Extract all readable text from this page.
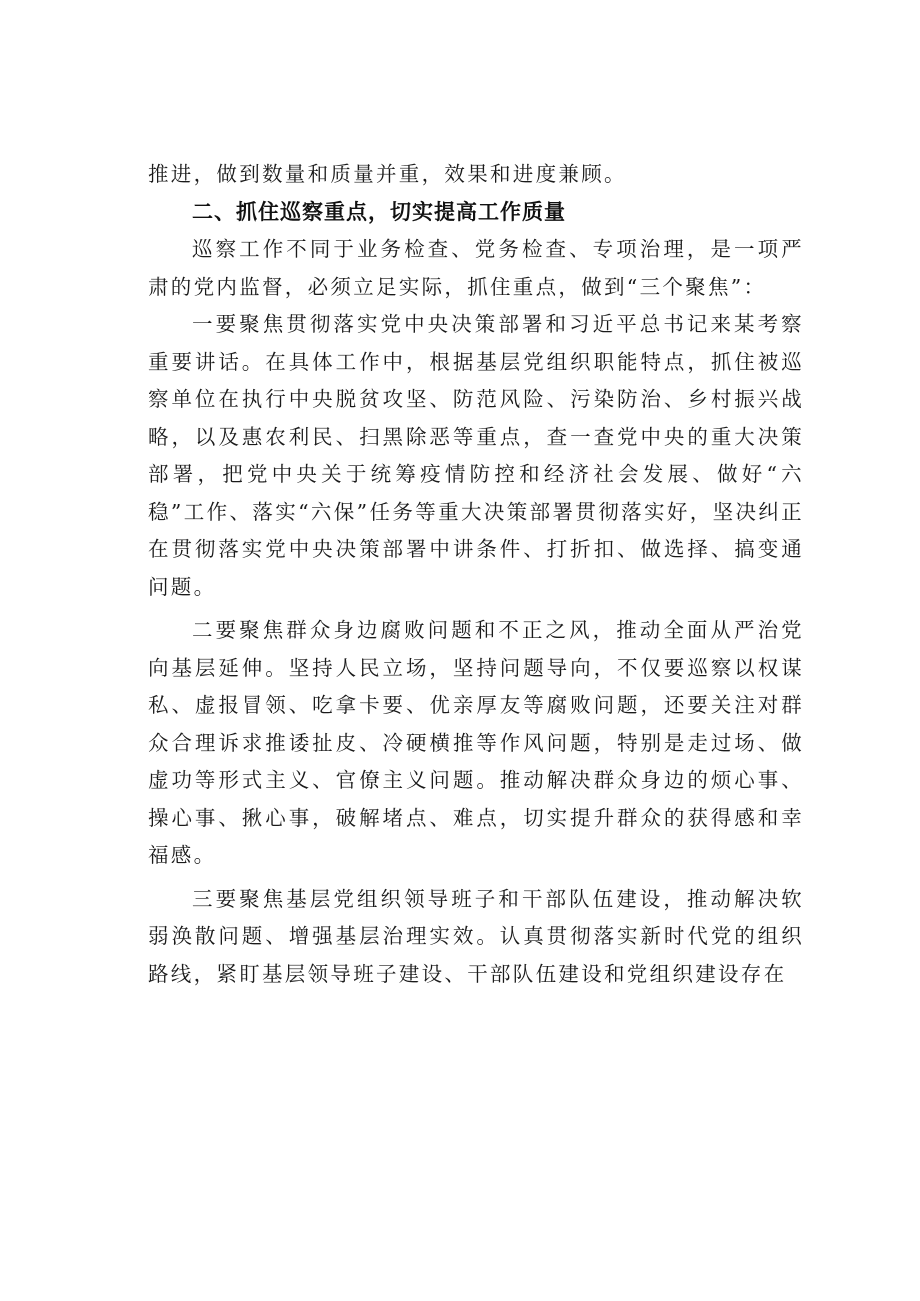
推进，做到数量和质量并重，效果和进度兼顾。

二、抓住巡察重点，切实提高工作质量

巡察工作不同于业务检查、党务检查、专项治理，是一项严肃的党内监督，必须立足实际，抓住重点，做到“三个聚焦”：

一要聚焦贯彻落实党中央决策部署和习近平总书记来某考察重要讲话。在具体工作中，根据基层党组织职能特点，抓住被巡察单位在执行中央脱贫攻坚、防范风险、污染防治、乡村振兴战略，以及惠农利民、扫黑除恶等重点，查一查党中央的重大决策部署，把党中央关于统筹疫情防控和经济社会发展、做好“六稳”工作、落实“六保”任务等重大决策部署贯彻落实好，坚决纠正在贯彻落实党中央决策部署中讲条件、打折扣、做选择、搞变通问题。

二要聚焦群众身边腐败问题和不正之风，推动全面从严治党向基层延伸。坚持人民立场，坚持问题导向，不仅要巡察以权谋私、虚报冒领、吃拿卡要、优亲厚友等腐败问题，还要关注对群众合理诉求推诿扯皮、冷硬横推等作风问题，特别是走过场、做虚功等形式主义、官僚主义问题。推动解决群众身边的烦心事、操心事、揪心事，破解堵点、难点，切实提升群众的获得感和幸福感。

三要聚焦基层党组织领导班子和干部队伍建设，推动解决软弱涣散问题、增强基层治理实效。认真贯彻落实新时代党的组织路线，紧盯基层领导班子建设、干部队伍建设和党组织建设存在
